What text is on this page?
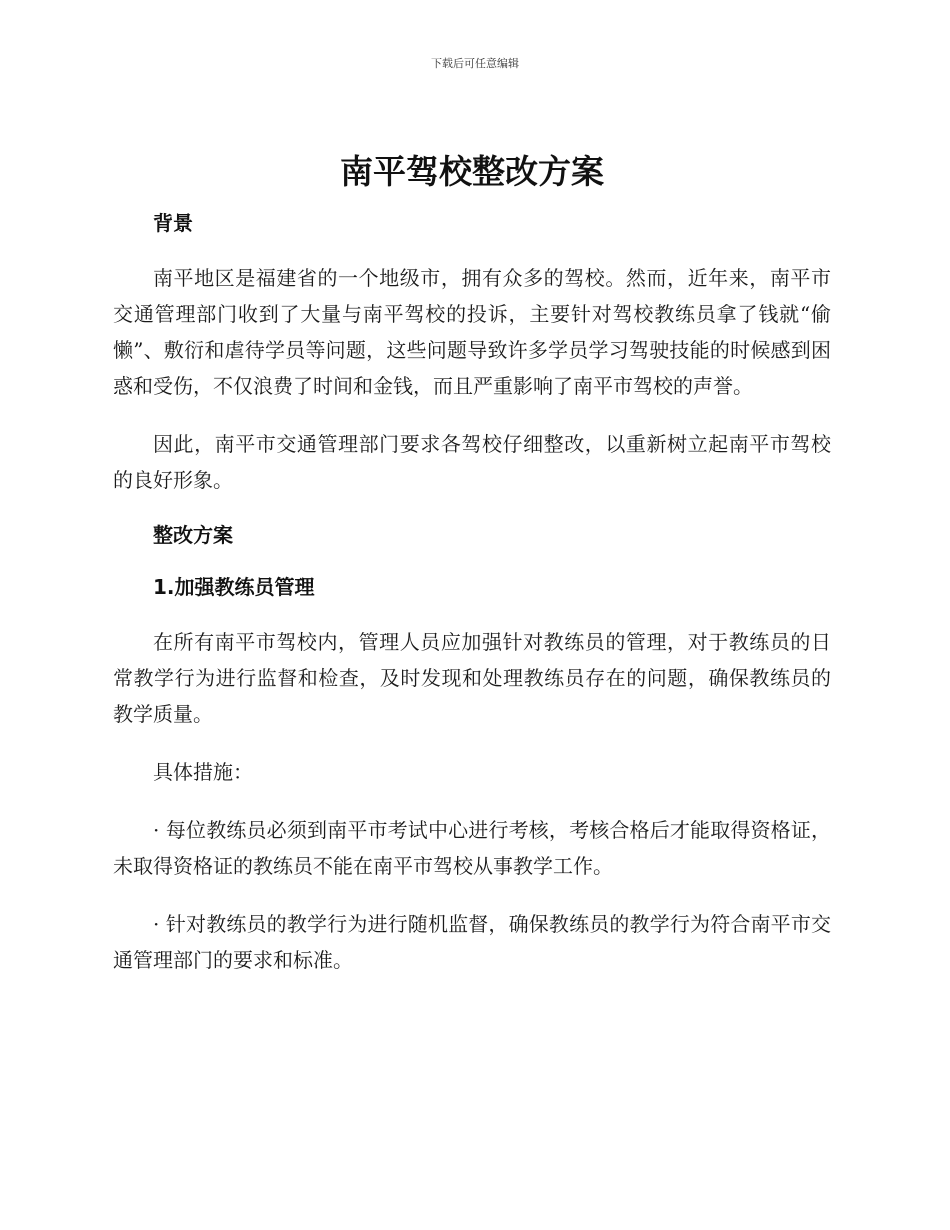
下载后可任意编辑
南平驾校整改方案
背景

南平地区是福建省的一个地级市，拥有众多的驾校。然而，近年来，南平市交通管理部门收到了大量与南平驾校的投诉，主要针对驾校教练员拿了钱就“偷懒”、敷衍和虐待学员等问题，这些问题导致许多学员学习驾驶技能的时候感到困惑和受伤，不仅浪费了时间和金钱，而且严重影响了南平市驾校的声誉。

因此，南平市交通管理部门要求各驾校仔细整改，以重新树立起南平市驾校的良好形象。

整改方案
1.加强教练员管理

在所有南平市驾校内，管理人员应加强针对教练员的管理，对于教练员的日常教学行为进行监督和检查，及时发现和处理教练员存在的问题，确保教练员的教学质量。

具体措施：

· 每位教练员必须到南平市考试中心进行考核，考核合格后才能取得资格证，未取得资格证的教练员不能在南平市驾校从事教学工作。

· 针对教练员的教学行为进行随机监督，确保教练员的教学行为符合南平市交通管理部门的要求和标准。
